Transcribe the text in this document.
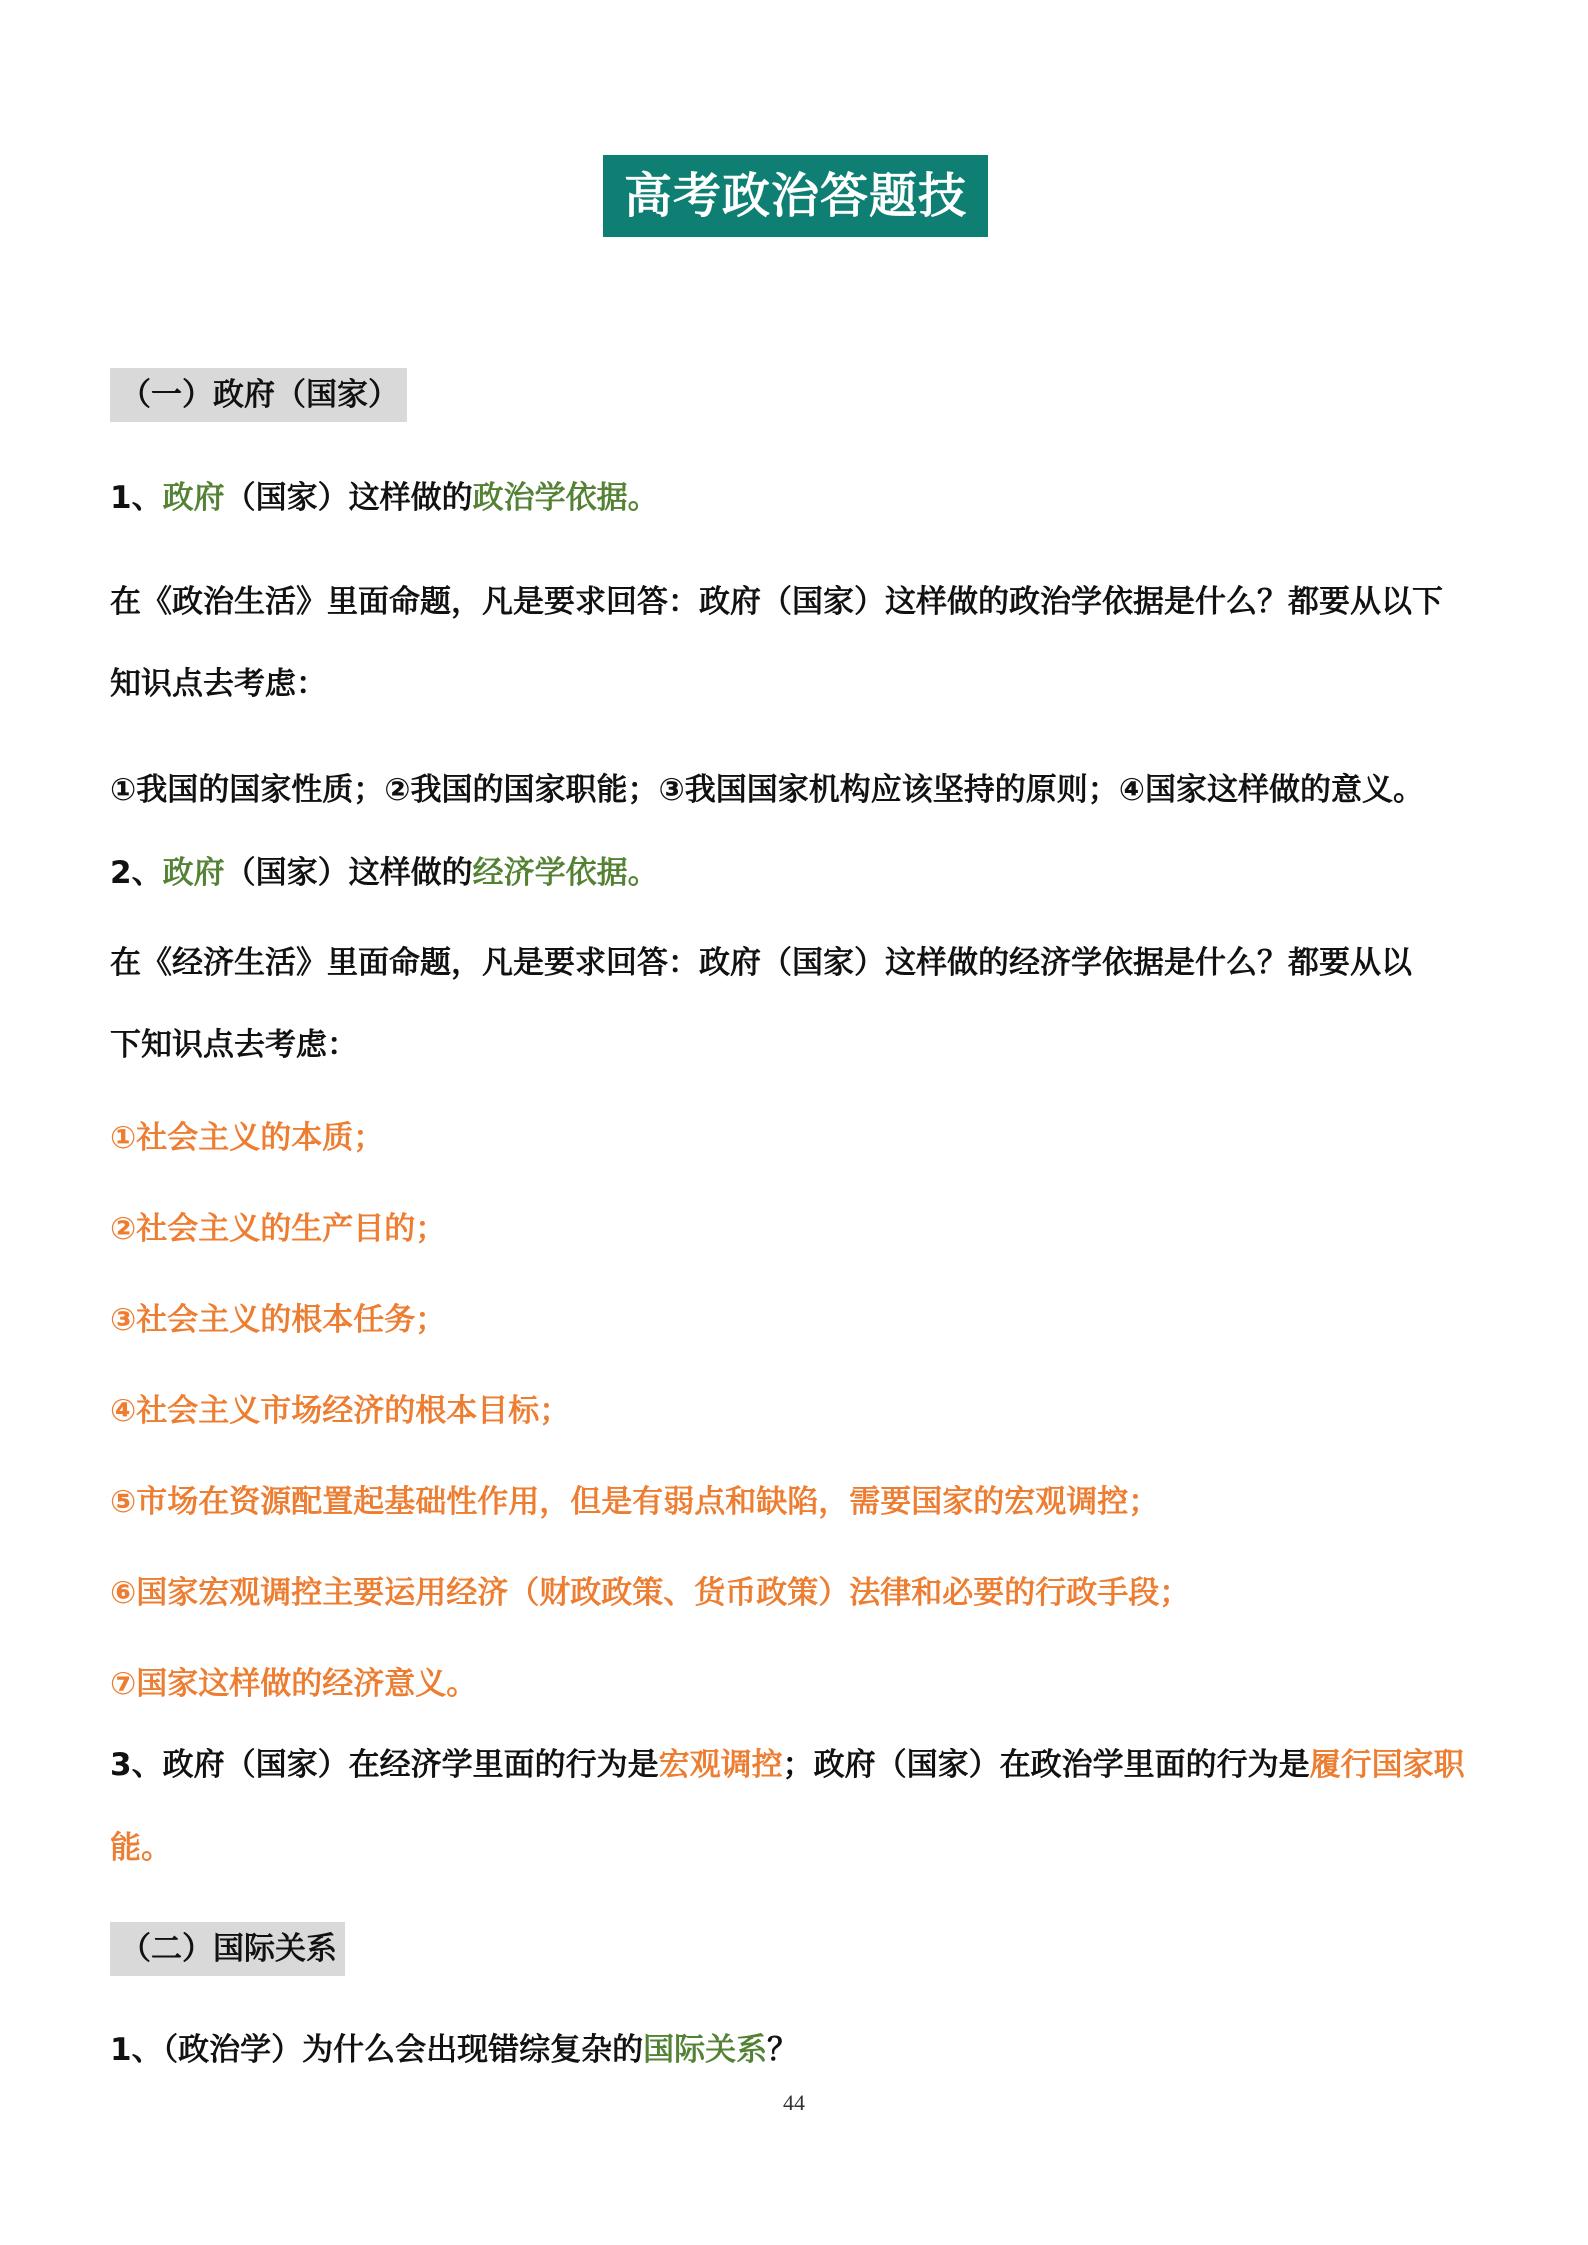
高考政治答题技巧
（一）政府（国家）
1、政府（国家）这样做的政治学依据。
在《政治生活》里面命题，凡是要求回答：政府（国家）这样做的政治学依据是什么？都要从以下
知识点去考虑：
①我国的国家性质；②我国的国家职能；③我国国家机构应该坚持的原则；④国家这样做的意义。
2、政府（国家）这样做的经济学依据。
在《经济生活》里面命题，凡是要求回答：政府（国家）这样做的经济学依据是什么？都要从以
下知识点去考虑：
①社会主义的本质；
②社会主义的生产目的；
③社会主义的根本任务；
④社会主义市场经济的根本目标；
⑤市场在资源配置起基础性作用，但是有弱点和缺陷，需要国家的宏观调控；
⑥国家宏观调控主要运用经济（财政政策、货币政策）法律和必要的行政手段；
⑦国家这样做的经济意义。
3、政府（国家）在经济学里面的行为是宏观调控；政府（国家）在政治学里面的行为是履行国家职
能。
（二）国际关系
1、（政治学）为什么会出现错综复杂的国际关系？
44
